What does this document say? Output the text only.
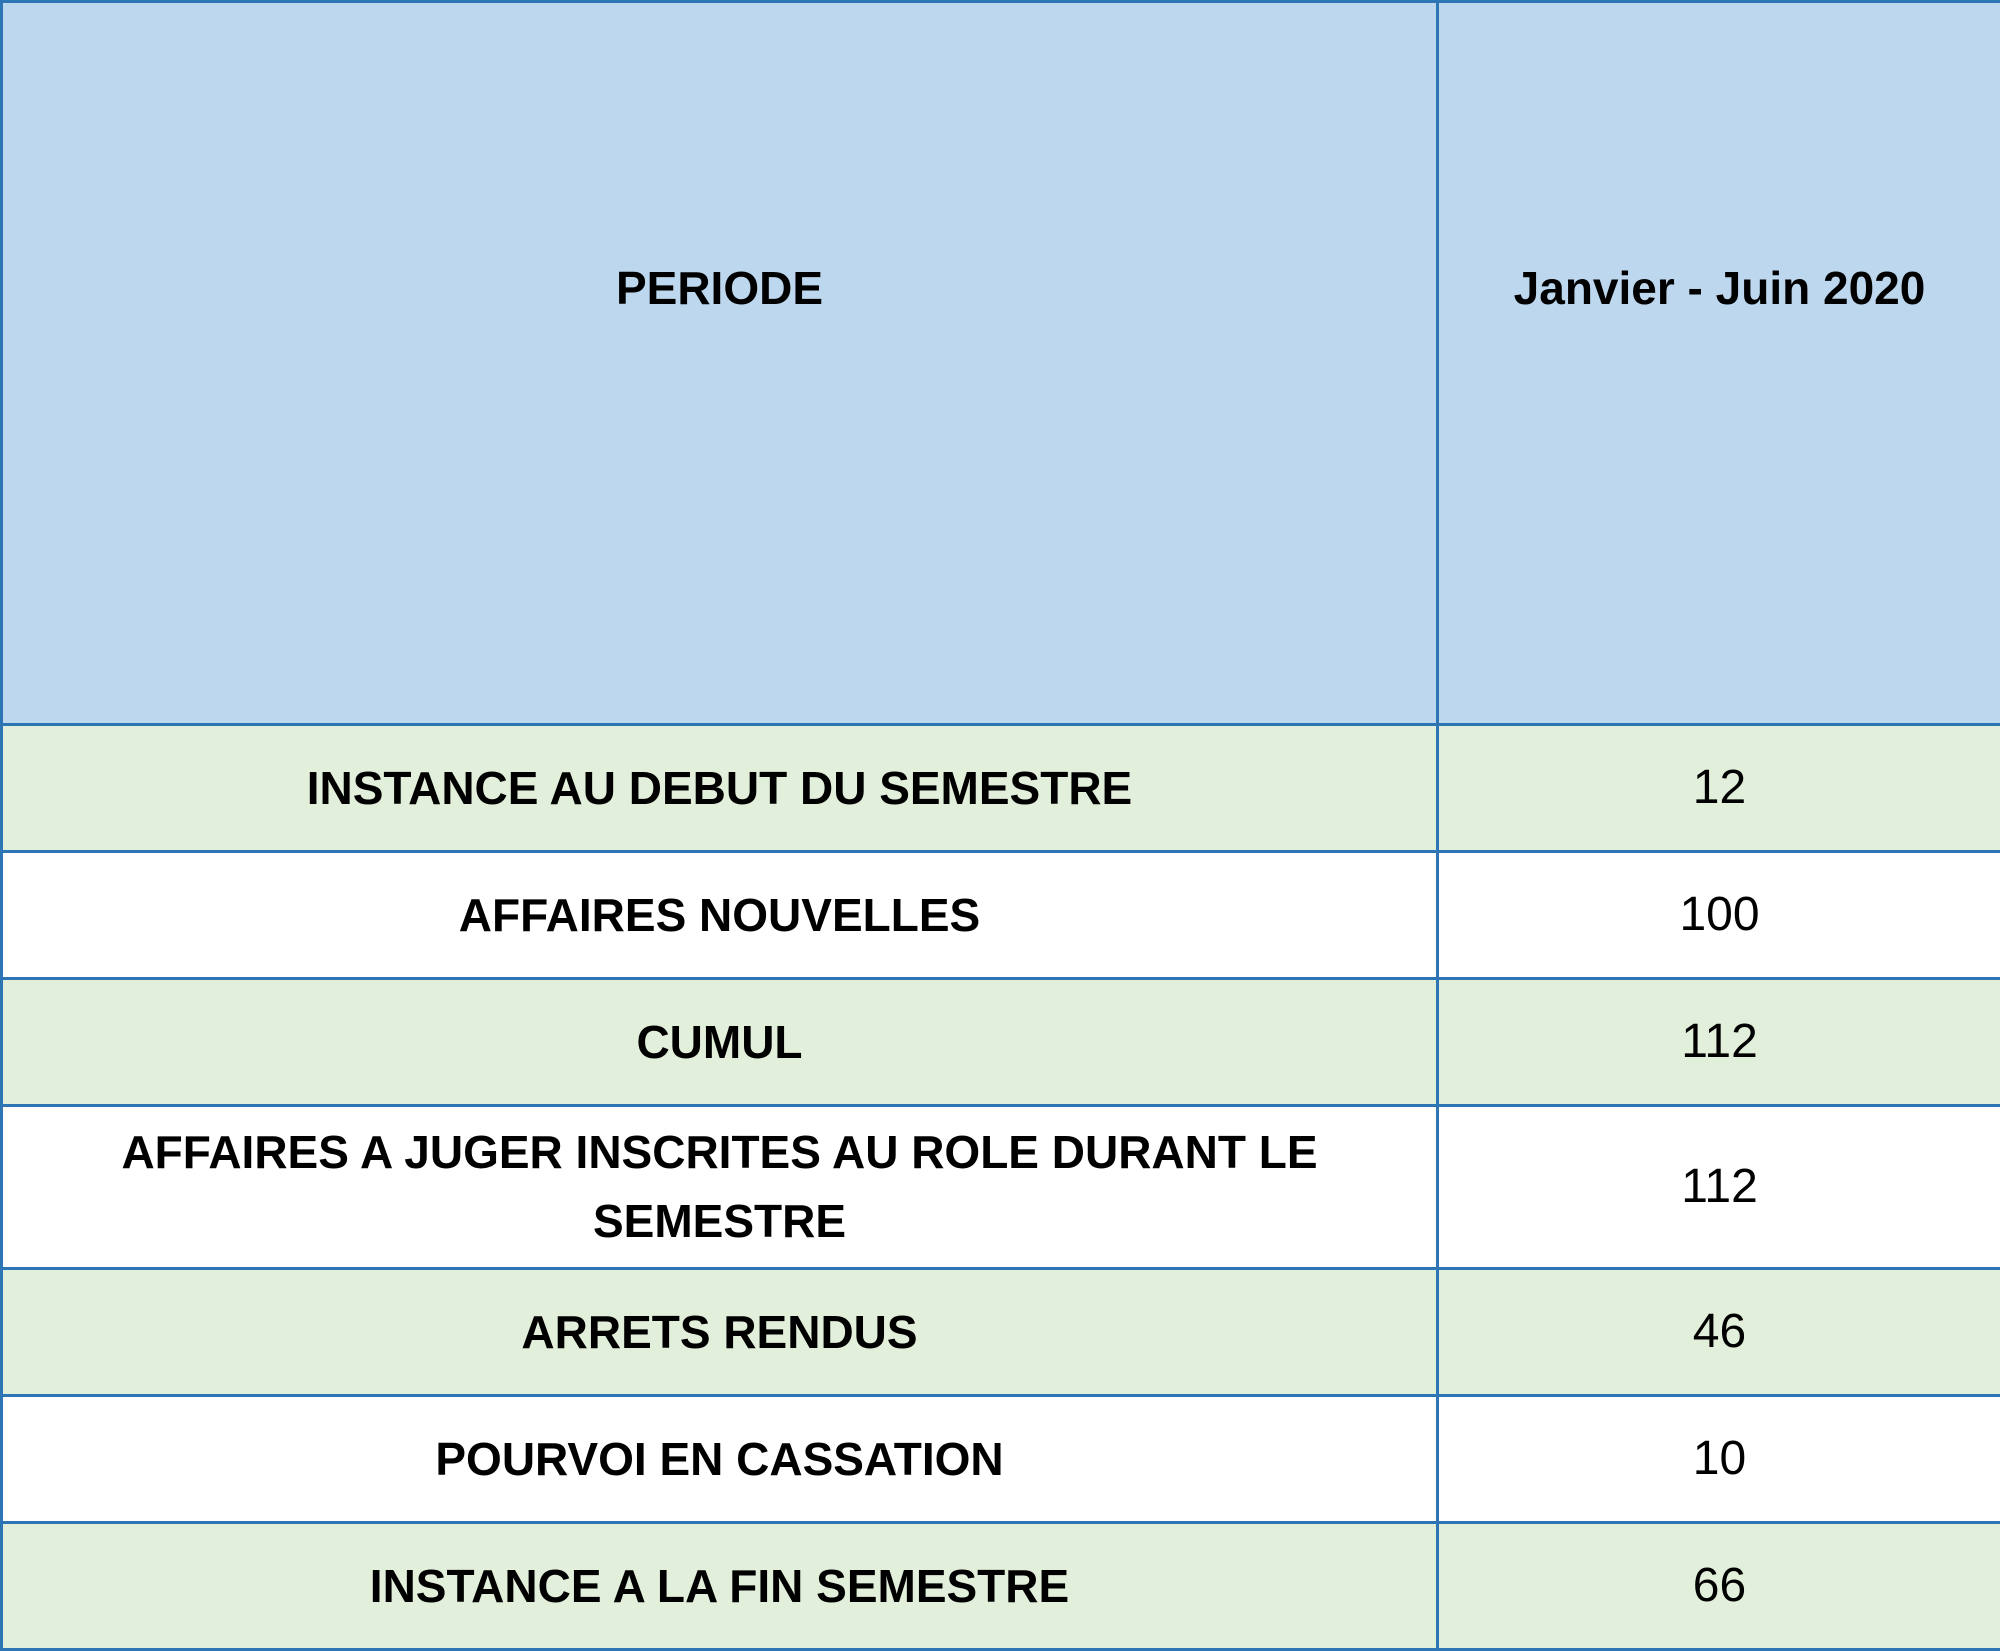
PERIODE	Janvier - Juin 2020
INSTANCE AU DEBUT DU SEMESTRE	12
AFFAIRES NOUVELLES	100
CUMUL	112
AFFAIRES A JUGER INSCRITES AU ROLE DURANT LE SEMESTRE	112
ARRETS RENDUS	46
POURVOI EN CASSATION	10
INSTANCE A LA FIN SEMESTRE	66
